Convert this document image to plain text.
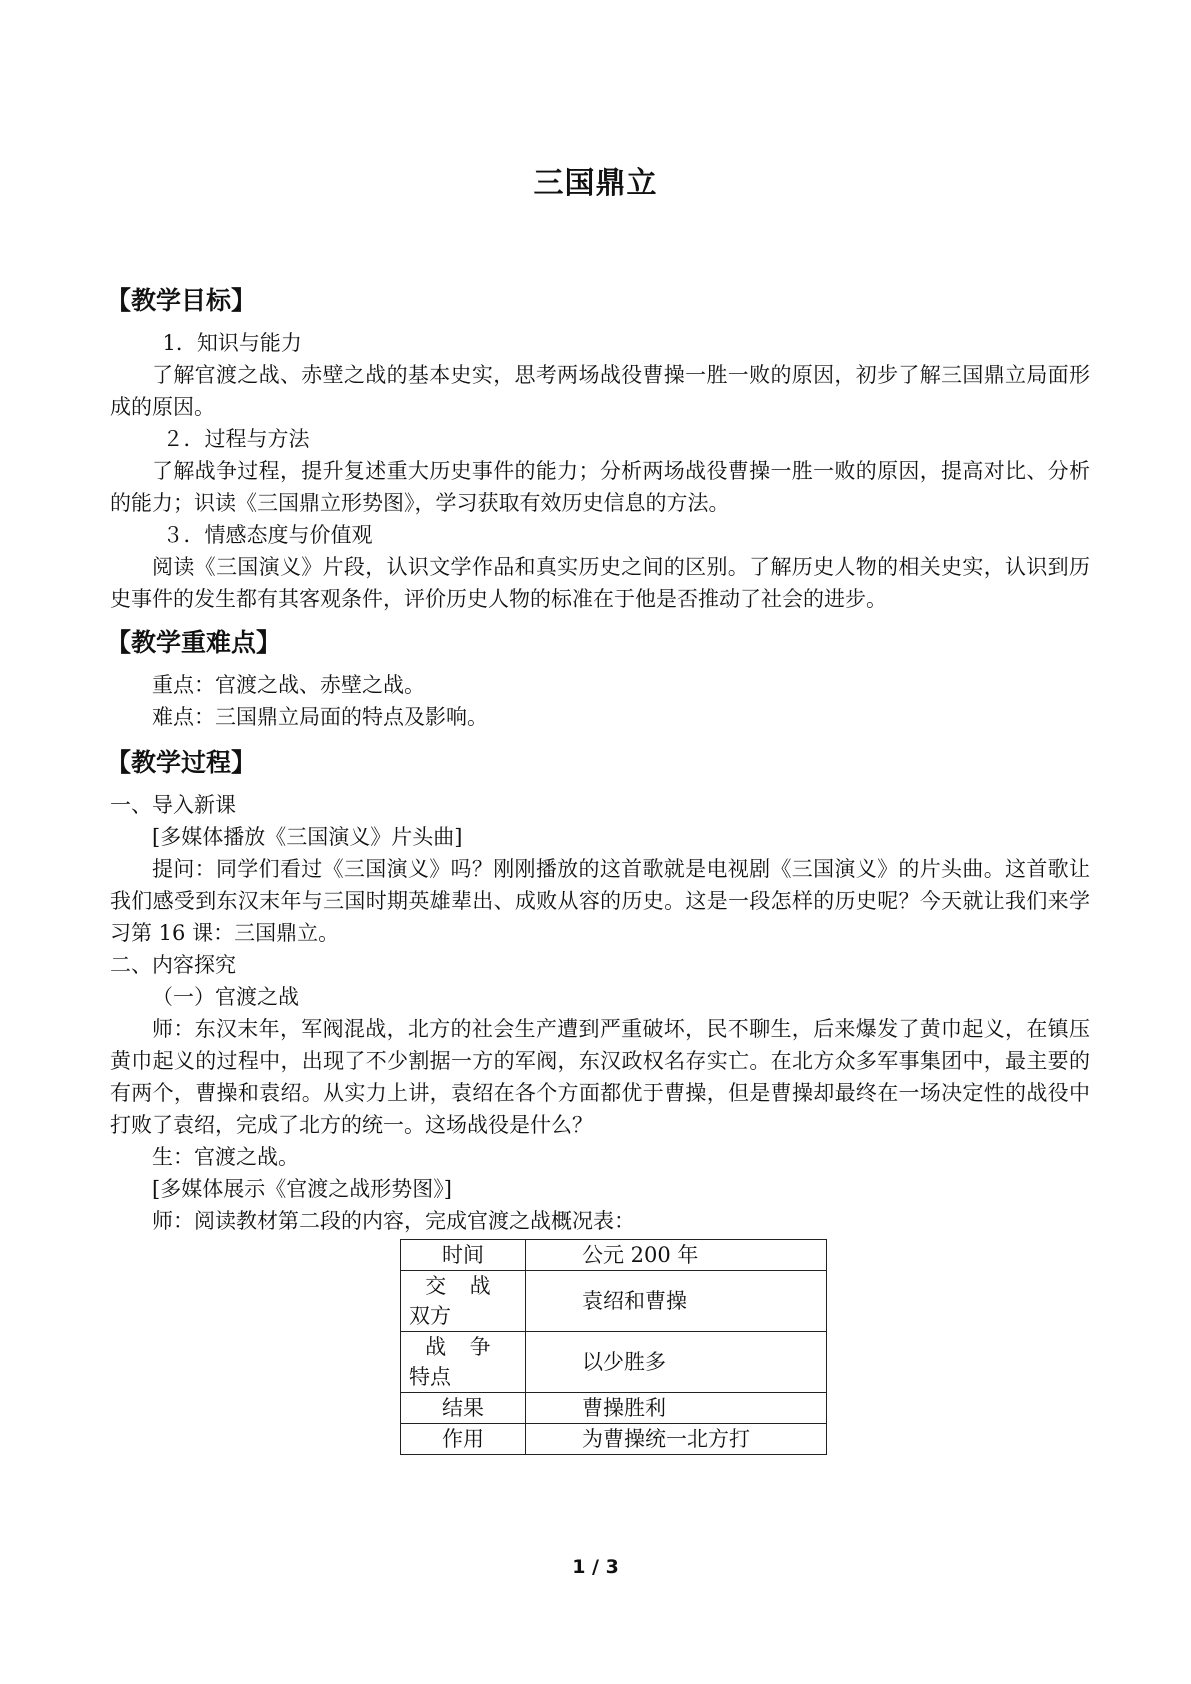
三国鼎立
【教学目标】

1．知识与能力

了解官渡之战、赤壁之战的基本史实，思考两场战役曹操一胜一败的原因，初步了解三国鼎立局面形成的原因。

２．过程与方法

了解战争过程，提升复述重大历史事件的能力；分析两场战役曹操一胜一败的原因，提高对比、分析的能力；识读《三国鼎立形势图》，学习获取有效历史信息的方法。

３．情感态度与价值观

阅读《三国演义》片段，认识文学作品和真实历史之间的区别。了解历史人物的相关史实，认识到历史事件的发生都有其客观条件，评价历史人物的标准在于他是否推动了社会的进步。

【教学重难点】

重点：官渡之战、赤壁之战。

难点：三国鼎立局面的特点及影响。

【教学过程】

一、导入新课

[多媒体播放《三国演义》片头曲]

提问：同学们看过《三国演义》吗？刚刚播放的这首歌就是电视剧《三国演义》的片头曲。这首歌让我们感受到东汉末年与三国时期英雄辈出、成败从容的历史。这是一段怎样的历史呢？今天就让我们来学习第 16 课：三国鼎立。

二、内容探究

（一）官渡之战

师：东汉末年，军阀混战，北方的社会生产遭到严重破坏，民不聊生，后来爆发了黄巾起义，在镇压黄巾起义的过程中，出现了不少割据一方的军阀，东汉政权名存实亡。在北方众多军事集团中，最主要的有两个，曹操和袁绍。从实力上讲，袁绍在各个方面都优于曹操，但是曹操却最终在一场决定性的战役中打败了袁绍，完成了北方的统一。这场战役是什么？

生：官渡之战。

[多媒体展示《官渡之战形势图》]

师：阅读教材第二段的内容，完成官渡之战概况表：

时间	公元 200 年

交 战
双方	袁绍和曹操

战 争
特点	以少胜多
结果	曹操胜利
作用	为曹操统一北方打
1 / 3
